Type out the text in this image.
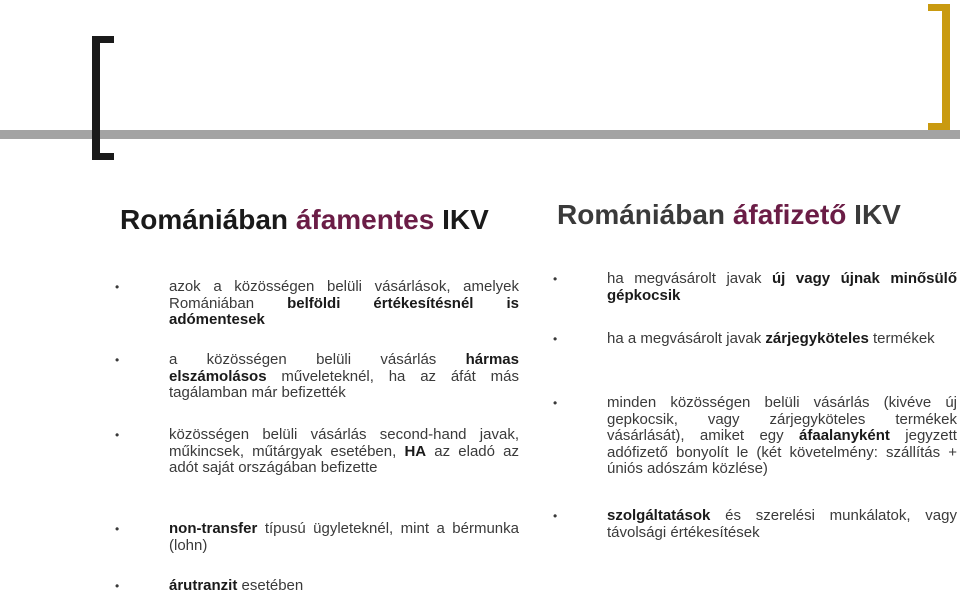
Romániában áfamentes IKV
•	azok a közösségen belüli vásárlások, amelyek Romániában belföldi értékesítésnél is adómentesek
•	a közösségen belüli vásárlás hármas elszámolásos műveleteknél, ha az áfát más tagálamban már befizették
•	közösségen belüli vásárlás second-hand javak, műkincsek, műtárgyak esetében, HA az eladó az adót saját országában befizette
•	non-transfer típusú ügyleteknél, mint a bérmunka (lohn)
•	árutranzit esetében
Romániában áfafizető IKV
•	ha megvásárolt javak új vagy újnak minősülő gépkocsik
•	ha a megvásárolt javak zárjegyköteles termékek
•	minden közösségen belüli vásárlás (kivéve új gepkocsik, vagy zárjegyköteles termékek vásárlását), amiket egy áfaalanyként jegyzett adófizető bonyolít le (két követelmény: szállítás + úniós adószám közlése)
•	szolgáltatások és szerelési munkálatok, vagy távolsági értékesítések
